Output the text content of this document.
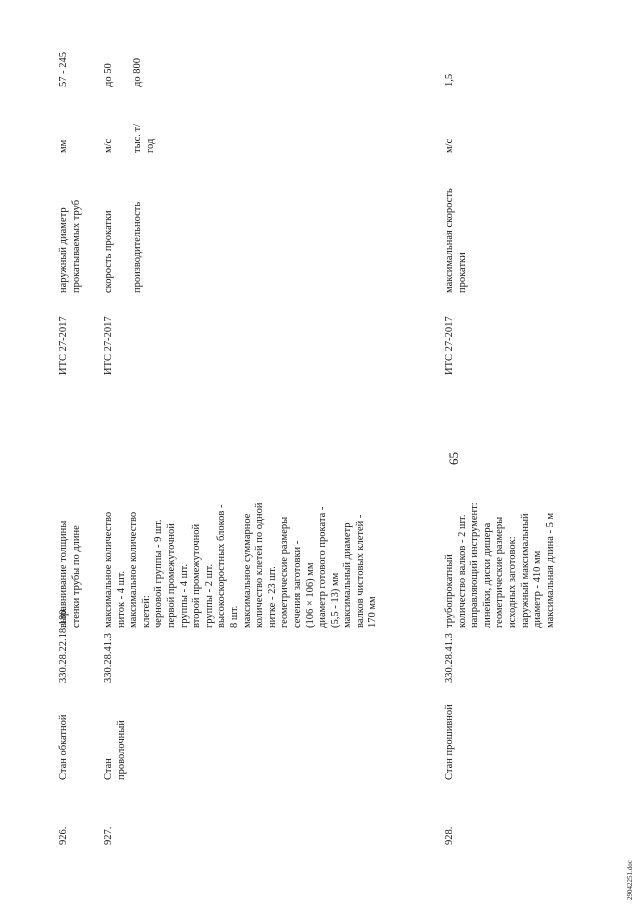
65
29042251.doc
926.
Стан обкатной
330.28.22.18.180
выравнивание толщины стенки трубы по длине
ИТС 27-2017
наружный диаметр прокатываемых труб
мм
57 - 245
927.
Стан проволочный
330.28.41.3
максимальное количество ниток - 4 шт. максимальное количество клетей: черновой группы - 9 шт. первой промежуточной группы - 4 шт. второй промежуточной группы - 2 шт. высокоскоростных блоков - 8 шт. максимальное суммарное количество клетей по одной нитке - 23 шт. геометрические размеры сечения заготовки - (106 × 106) мм диаметр готового проката - (5,5 - 13) мм максимальный диаметр валков чистовых клетей - 170 мм
ИТС 27-2017
скорость прокатки
м/с
до 50
производительность
тыс. т/год
до 800
928.
Стан прошивной
330.28.41.3
трубопрокатный количество валков - 2 шт. направляющий инструмент: линейки, диски дишера геометрические размеры исходных заготовок: наружный максимальный диаметр - 410 мм максимальная длина - 5 м
ИТС 27-2017
максимальная скорость прокатки
м/с
1,5
